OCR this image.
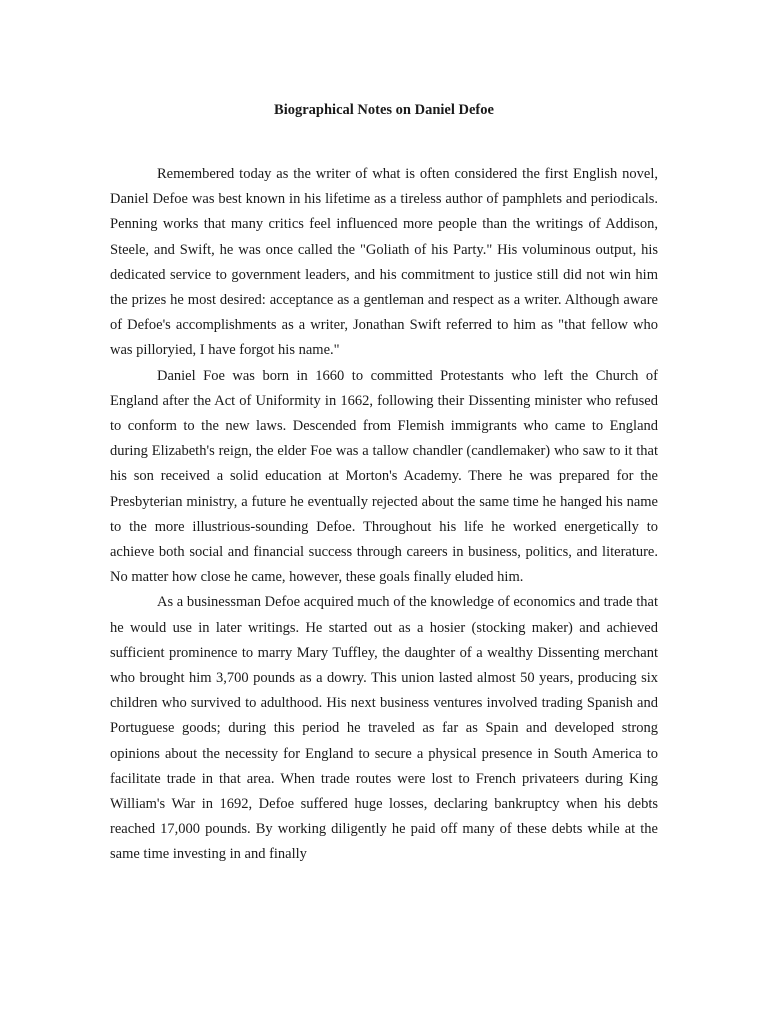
Biographical Notes on Daniel Defoe

Remembered today as the writer of what is often considered the first English novel, Daniel Defoe was best known in his lifetime as a tireless author of pamphlets and periodicals. Penning works that many critics feel influenced more people than the writings of Addison, Steele, and Swift, he was once called the "Goliath of his Party." His voluminous output, his dedicated service to government leaders, and his commitment to justice still did not win him the prizes he most desired: acceptance as a gentleman and respect as a writer. Although aware of Defoe's accomplishments as a writer, Jonathan Swift referred to him as "that fellow who was pilloryied, I have forgot his name."

Daniel Foe was born in 1660 to committed Protestants who left the Church of England after the Act of Uniformity in 1662, following their Dissenting minister who refused to conform to the new laws. Descended from Flemish immigrants who came to England during Elizabeth's reign, the elder Foe was a tallow chandler (candlemaker) who saw to it that his son received a solid education at Morton's Academy. There he was prepared for the Presbyterian ministry, a future he eventually rejected about the same time he hanged his name to the more illustrious-sounding Defoe. Throughout his life he worked energetically to achieve both social and financial success through careers in business, politics, and literature. No matter how close he came, however, these goals finally eluded him.

As a businessman Defoe acquired much of the knowledge of economics and trade that he would use in later writings. He started out as a hosier (stocking maker) and achieved sufficient prominence to marry Mary Tuffley, the daughter of a wealthy Dissenting merchant who brought him 3,700 pounds as a dowry. This union lasted almost 50 years, producing six children who survived to adulthood. His next business ventures involved trading Spanish and Portuguese goods; during this period he traveled as far as Spain and developed strong opinions about the necessity for England to secure a physical presence in South America to facilitate trade in that area. When trade routes were lost to French privateers during King William's War in 1692, Defoe suffered huge losses, declaring bankruptcy when his debts reached 17,000 pounds. By working diligently he paid off many of these debts while at the same time investing in and finally
